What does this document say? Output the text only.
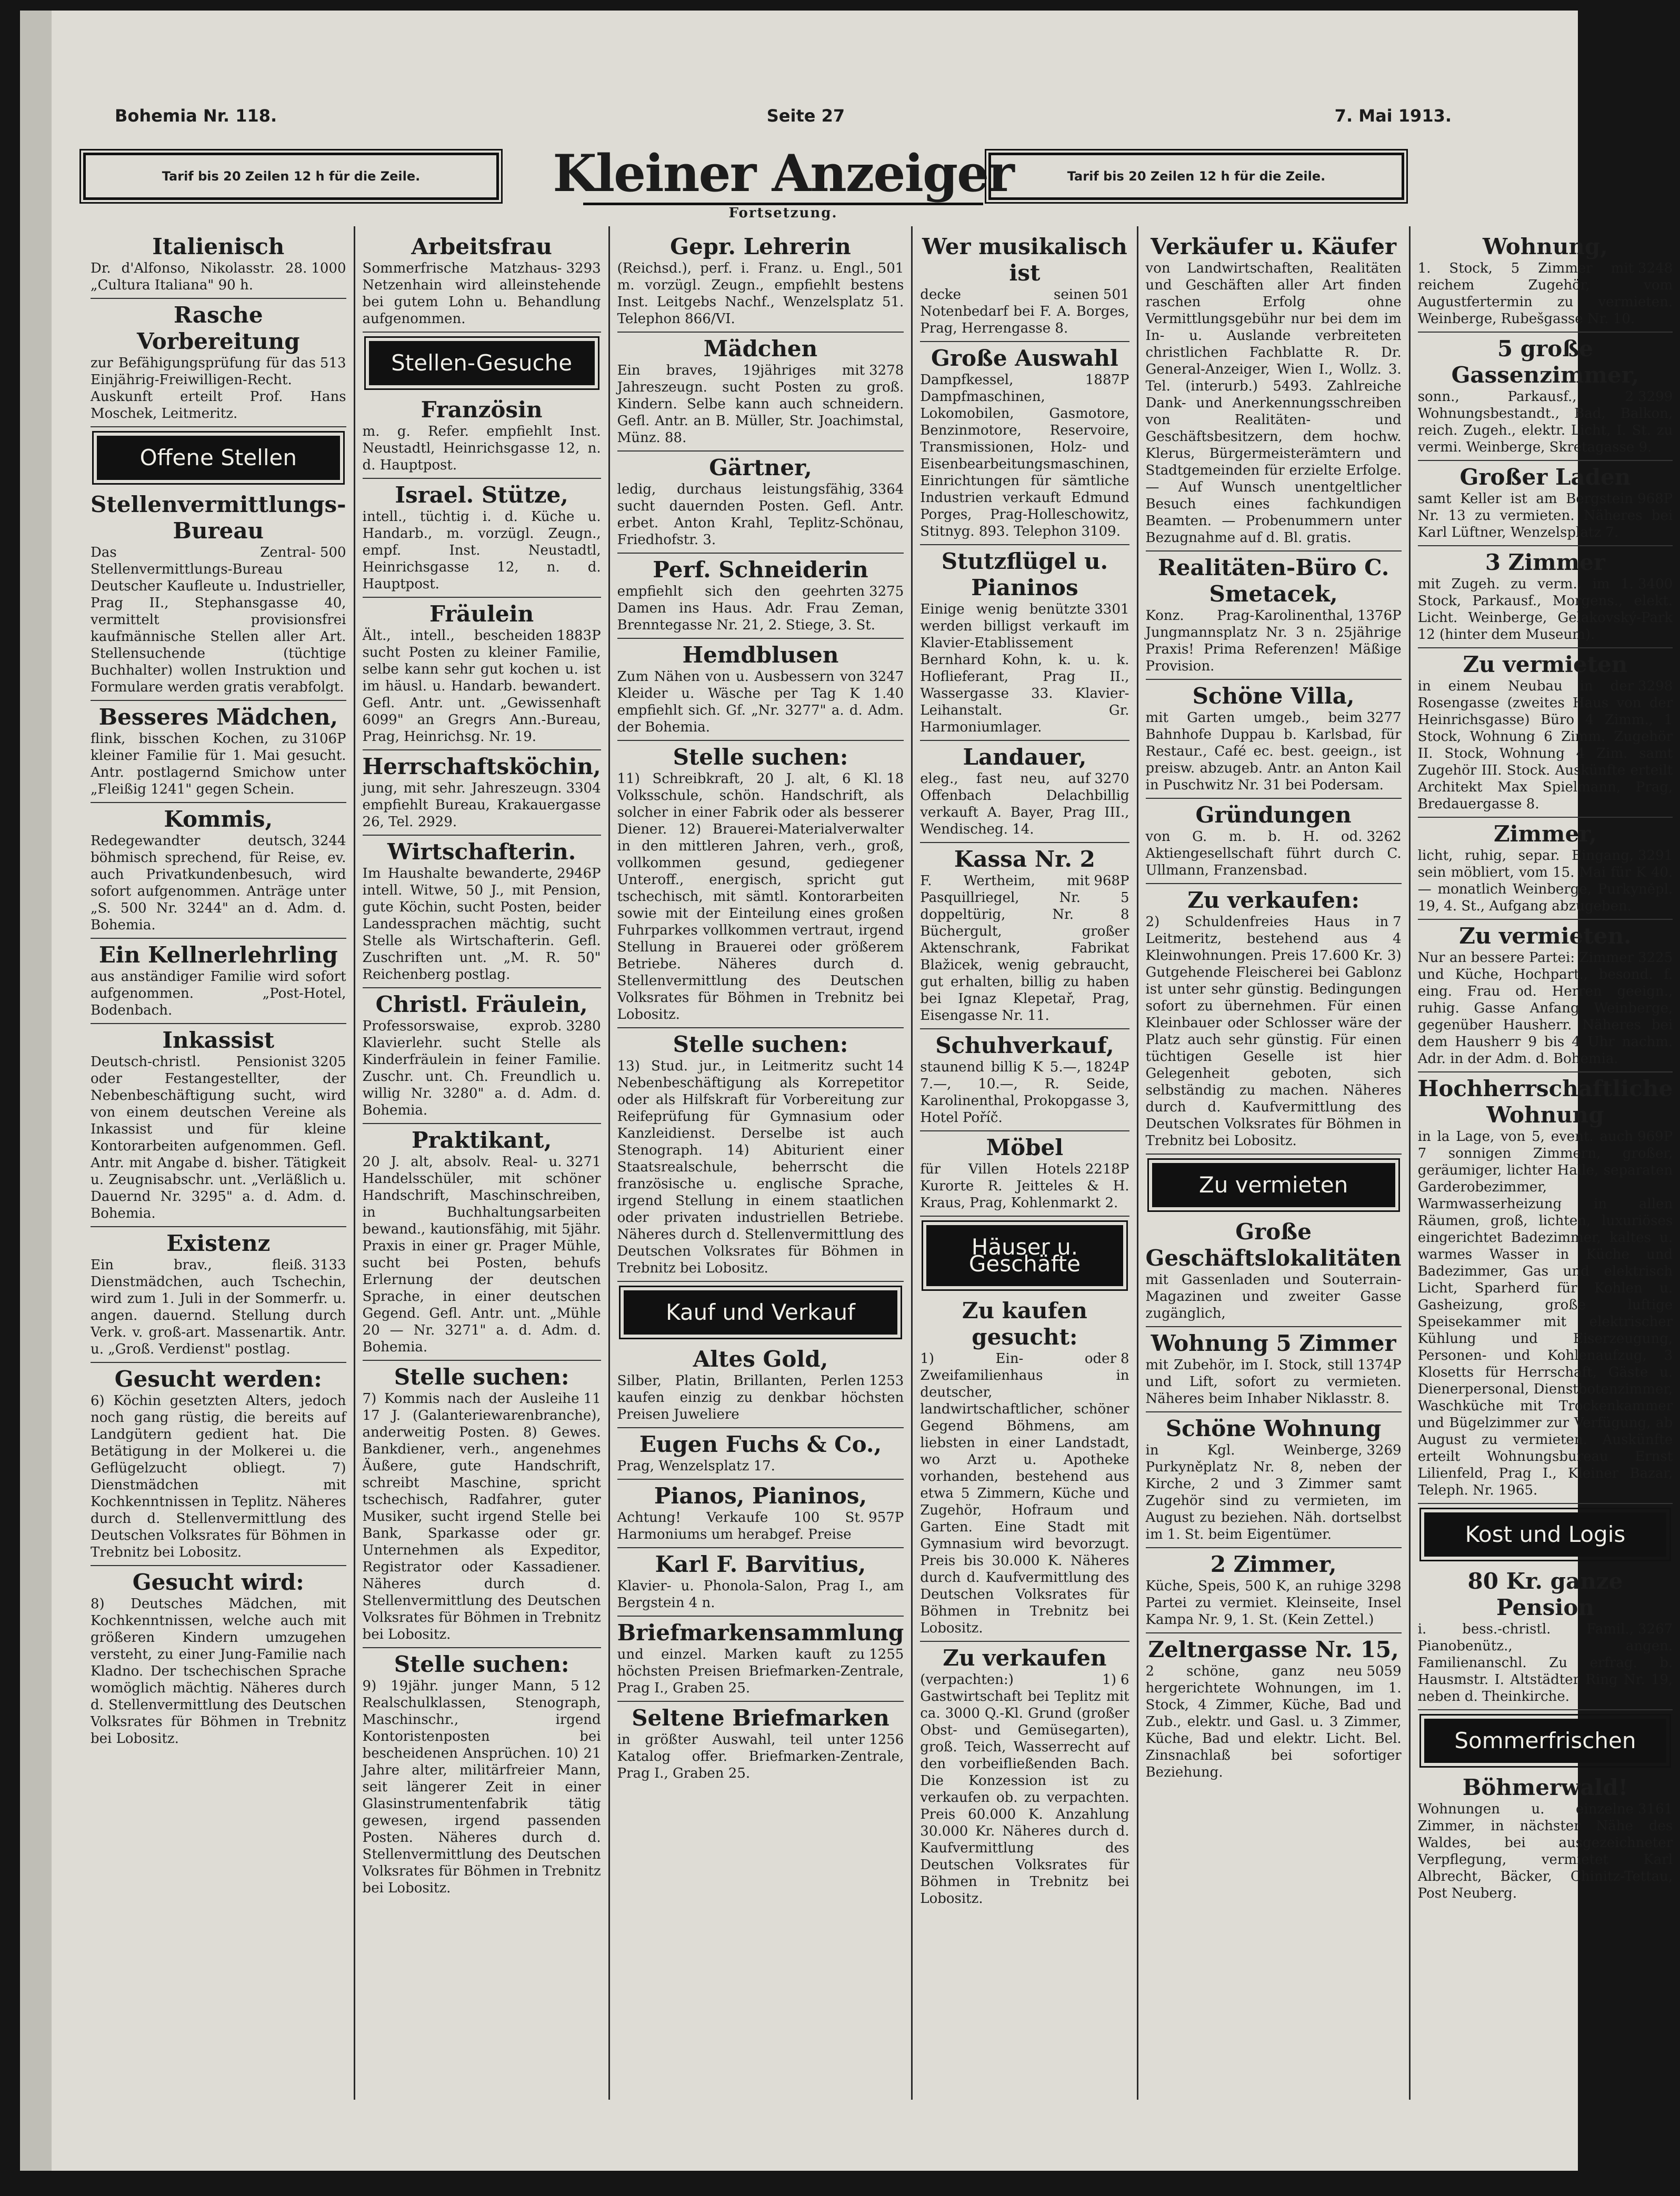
Bohemia Nr. 118.	Seite 27	7. Mai 1913.
Tarif bis 20 Zeilen 12 h für die Zeile.	Kleiner Anzeiger
Fortsetzung.
Tarif bis 20 Zeilen 12 h für die Zeile.
Italienisch
1000
Dr. d'Alfonso, Nikolasstr. 28. „Cultura Italiana" 90 h.
Rasche Vorbereitung
513
zur Befähigungsprüfung für das Einjährig-Freiwilligen-Recht. Auskunft erteilt Prof. Hans Moschek, Leitmeritz.
Offene Stellen
Stellenvermittlungs-Bureau
500
Das Zentral-Stellenvermittlungs-Bureau Deutscher Kaufleute u. Industrieller, Prag II., Stephansgasse 40, vermittelt provisionsfrei kaufmännische Stellen aller Art. Stellensuchende (tüchtige Buchhalter) wollen Instruktion und Formulare werden gratis verabfolgt.
Besseres Mädchen,
3106P
flink, bisschen Kochen, zu kleiner Familie für 1. Mai gesucht. Antr. postlagernd Smichow unter „Fleißig 1241" gegen Schein.
Kommis,
3244
Redegewandter deutsch, böhmisch sprechend, für Reise, ev. auch Privatkundenbesuch, wird sofort aufgenommen. Anträge unter „S. 500 Nr. 3244" an d. Adm. d. Bohemia.
Ein Kellnerlehrling
aus anständiger Familie wird sofort aufgenommen. „Post-Hotel, Bodenbach.
Inkassist
3205
Deutsch-christl. Pensionist oder Festangestellter, der Nebenbeschäftigung sucht, wird von einem deutschen Vereine als Inkassist und für kleine Kontorarbeiten aufgenommen. Gefl. Antr. mit Angabe d. bisher. Tätigkeit u. Zeugnisabschr. unt. „Verläßlich u. Dauernd Nr. 3295" a. d. Adm. d. Bohemia.
Existenz
3133
Ein brav., fleiß. Dienstmädchen, auch Tschechin, wird zum 1. Juli in der Sommerfr. u. angen. dauernd. Stellung durch Verk. v. groß-art. Massenartik. Antr. u. „Groß. Verdienst" postlag.
Gesucht werden:
6) Köchin gesetzten Alters, jedoch noch gang rüstig, die bereits auf Landgütern gedient hat. Die Betätigung in der Molkerei u. die Geflügelzucht obliegt. 7) Dienstmädchen mit Kochkenntnissen in Teplitz. Näheres durch d. Stellenvermittlung des Deutschen Volksrates für Böhmen in Trebnitz bei Lobositz.
Gesucht wird:
8) Deutsches Mädchen, mit Kochkenntnissen, welche auch mit größeren Kindern umzugehen versteht, zu einer Jung-Familie nach Kladno. Der tschechischen Sprache womöglich mächtig. Näheres durch d. Stellenvermittlung des Deutschen Volksrates für Böhmen in Trebnitz bei Lobositz.
Arbeitsfrau
3293
Sommerfrische Matzhaus-Netzenhain wird alleinstehende bei gutem Lohn u. Behandlung aufgenommen.
Stellen-Gesuche
Französin
m. g. Refer. empfiehlt Inst. Neustadtl, Heinrichsgasse 12, n. d. Hauptpost.
Israel. Stütze,
intell., tüchtig i. d. Küche u. Handarb., m. vorzügl. Zeugn., empf. Inst. Neustadtl, Heinrichsgasse 12, n. d. Hauptpost.
Fräulein
1883P
Ält., intell., bescheiden sucht Posten zu kleiner Familie, selbe kann sehr gut kochen u. ist im häusl. u. Handarb. bewandert. Gefl. Antr. unt. „Gewissenhaft 6099" an Gregrs Ann.-Bureau, Prag, Heinrichsg. Nr. 19.
Herrschaftsköchin,
3304
jung, mit sehr. Jahreszeugn. empfiehlt Bureau, Krakauergasse 26, Tel. 2929.
Wirtschafterin.
2946P
Im Haushalte bewanderte, intell. Witwe, 50 J., mit Pension, gute Köchin, sucht Posten, beider Landessprachen mächtig, sucht Stelle als Wirtschafterin. Gefl. Zuschriften unt. „M. R. 50" Reichenberg postlag.
Christl. Fräulein,
3280
Professorswaise, exprob. Klavierlehr. sucht Stelle als Kinderfräulein in feiner Familie. Zuschr. unt. Ch. Freundlich u. willig Nr. 3280" a. d. Adm. d. Bohemia.
Praktikant,
3271
20 J. alt, absolv. Real- u. Handelsschüler, mit schöner Handschrift, Maschinschreiben, in Buchhaltungsarbeiten bewand., kautionsfähig, mit 5jähr. Praxis in einer gr. Prager Mühle, sucht bei Posten, behufs Erlernung der deutschen Sprache, in einer deutschen Gegend. Gefl. Antr. unt. „Mühle 20 — Nr. 3271" a. d. Adm. d. Bohemia.
Stelle suchen:
11
7) Kommis nach der Ausleihe 17 J. (Galanteriewarenbranche), anderweitig Posten. 8) Gewes. Bankdiener, verh., angenehmes Äußere, gute Handschrift, schreibt Maschine, spricht tschechisch, Radfahrer, guter Musiker, sucht irgend Stelle bei Bank, Sparkasse oder gr. Unternehmen als Expeditor, Registrator oder Kassadiener. Näheres durch d. Stellenvermittlung des Deutschen Volksrates für Böhmen in Trebnitz bei Lobositz.
Stelle suchen:
12
9) 19jähr. junger Mann, 5 Realschulklassen, Stenograph, Maschinschr., irgend Kontoristenposten bei bescheidenen Ansprüchen. 10) 21 Jahre alter, militärfreier Mann, seit längerer Zeit in einer Glasinstrumentenfabrik tätig gewesen, irgend passenden Posten. Näheres durch d. Stellenvermittlung des Deutschen Volksrates für Böhmen in Trebnitz bei Lobositz.
Gepr. Lehrerin
501
(Reichsd.), perf. i. Franz. u. Engl., m. vorzügl. Zeugn., empfiehlt bestens Inst. Leitgebs Nachf., Wenzelsplatz 51. Telephon 866/VI.
Mädchen
3278
Ein braves, 19jähriges mit Jahreszeugn. sucht Posten zu groß. Kindern. Selbe kann auch schneidern. Gefl. Antr. an B. Müller, Str. Joachimstal, Münz. 88.
Gärtner,
3364
ledig, durchaus leistungsfähig, sucht dauernden Posten. Gefl. Antr. erbet. Anton Krahl, Teplitz-Schönau, Friedhofstr. 3.
Perf. Schneiderin
3275
empfiehlt sich den geehrten Damen ins Haus. Adr. Frau Zeman, Brenntegasse Nr. 21, 2. Stiege, 3. St.
Hemdblusen
3247
Zum Nähen von u. Ausbessern von Kleider u. Wäsche per Tag K 1.40 empfiehlt sich. Gf. „Nr. 3277" a. d. Adm. der Bohemia.
Stelle suchen:
18
11) Schreibkraft, 20 J. alt, 6 Kl. Volksschule, schön. Handschrift, als solcher in einer Fabrik oder als besserer Diener. 12) Brauerei-Materialverwalter in den mittleren Jahren, verh., groß, vollkommen gesund, gediegener Unteroff., energisch, spricht gut tschechisch, mit sämtl. Kontorarbeiten sowie mit der Einteilung eines großen Fuhrparkes vollkommen vertraut, irgend Stellung in Brauerei oder größerem Betriebe. Näheres durch d. Stellenvermittlung des Deutschen Volksrates für Böhmen in Trebnitz bei Lobositz.
Stelle suchen:
14
13) Stud. jur., in Leitmeritz sucht Nebenbeschäftigung als Korrepetitor oder als Hilfskraft für Vorbereitung zur Reifeprüfung für Gymnasium oder Kanzleidienst. Derselbe ist auch Stenograph. 14) Abiturient einer Staatsrealschule, beherrscht die französische u. englische Sprache, irgend Stellung in einem staatlichen oder privaten industriellen Betriebe. Näheres durch d. Stellenvermittlung des Deutschen Volksrates für Böhmen in Trebnitz bei Lobositz.
Kauf und Verkauf
Altes Gold,
1253
Silber, Platin, Brillanten, Perlen kaufen einzig zu denkbar höchsten Preisen Juweliere
Eugen Fuchs & Co.,
Prag, Wenzelsplatz 17.
Pianos, Pianinos,
957P
Achtung! Verkaufe 100 St. Harmoniums um herabgef. Preise
Karl F. Barvitius,
Klavier- u. Phonola-Salon, Prag I., am Bergstein 4 n.
Briefmarkensammlung
1255
und einzel. Marken kauft zu höchsten Preisen Briefmarken-Zentrale, Prag I., Graben 25.
Seltene Briefmarken
1256
in größter Auswahl, teil unter Katalog offer. Briefmarken-Zentrale, Prag I., Graben 25.
Wer musikalisch ist
501
decke seinen Notenbedarf bei F. A. Borges, Prag, Herrengasse 8.
Große Auswahl
1887P
Dampfkessel, Dampfmaschinen, Lokomobilen, Gasmotore, Benzinmotore, Reservoire, Transmissionen, Holz- und Eisenbearbeitungsmaschinen, Einrichtungen für sämtliche Industrien verkauft Edmund Porges, Prag-Holleschowitz, Stitnyg. 893. Telephon 3109.
Stutzflügel u. Pianinos
3301
Einige wenig benützte werden billigst verkauft im Klavier-Etablissement Bernhard Kohn, k. u. k. Hoflieferant, Prag II., Wassergasse 33. Klavier-Leihanstalt. Gr. Harmoniumlager.
Landauer,
3270
eleg., fast neu, auf Offenbach Delachbillig verkauft A. Bayer, Prag III., Wendischeg. 14.
Kassa Nr. 2
968P
F. Wertheim, mit Pasquillriegel, Nr. 5 doppeltürig, Nr. 8 Büchergult, großer Aktenschrank, Fabrikat Blažicek, wenig gebraucht, gut erhalten, billig zu haben bei Ignaz Klepetař, Prag, Eisengasse Nr. 11.
Schuhverkauf,
1824P
staunend billig K 5.—, 7.—, 10.—, R. Seide, Karolinenthal, Prokopgasse 3, Hotel Poříč.
Möbel
2218P
für Villen Hotels Kurorte R. Jeitteles & H. Kraus, Prag, Kohlenmarkt 2.
Häuser u. Geschäfte
Zu kaufen gesucht:
8
1) Ein- oder Zweifamilienhaus in deutscher, landwirtschaftlicher, schöner Gegend Böhmens, am liebsten in einer Landstadt, wo Arzt u. Apotheke vorhanden, bestehend aus etwa 5 Zimmern, Küche und Zugehör, Hofraum und Garten. Eine Stadt mit Gymnasium wird bevorzugt. Preis bis 30.000 K. Näheres durch d. Kaufvermittlung des Deutschen Volksrates für Böhmen in Trebnitz bei Lobositz.
Zu verkaufen
6
(verpachten:) 1) Gastwirtschaft bei Teplitz mit ca. 3000 Q.-Kl. Grund (großer Obst- und Gemüsegarten), groß. Teich, Wasserrecht auf den vorbeifließenden Bach. Die Konzession ist zu verkaufen ob. zu verpachten. Preis 60.000 K. Anzahlung 30.000 Kr. Näheres durch d. Kaufvermittlung des Deutschen Volksrates für Böhmen in Trebnitz bei Lobositz.
Verkäufer u. Käufer
von Landwirtschaften, Realitäten und Geschäften aller Art finden raschen Erfolg ohne Vermittlungsgebühr nur bei dem im In- u. Auslande verbreiteten christlichen Fachblatte R. Dr. General-Anzeiger, Wien I., Wollz. 3. Tel. (interurb.) 5493. Zahlreiche Dank- und Anerkennungsschreiben von Realitäten- und Geschäftsbesitzern, dem hochw. Klerus, Bürgermeisterämtern und Stadtgemeinden für erzielte Erfolge. — Auf Wunsch unentgeltlicher Besuch eines fachkundigen Beamten. — Probenummern unter Bezugnahme auf d. Bl. gratis.
Realitäten-Büro C. Smetacek,
1376P
Konz. Prag-Karolinenthal, Jungmannsplatz Nr. 3 n. 25jährige Praxis! Prima Referenzen! Mäßige Provision.
Schöne Villa,
3277
mit Garten umgeb., beim Bahnhofe Duppau b. Karlsbad, für Restaur., Café ec. best. geeign., ist preisw. abzugeb. Antr. an Anton Kail in Puschwitz Nr. 31 bei Podersam.
Gründungen
3262
von G. m. b. H. od. Aktiengesellschaft führt durch C. Ullmann, Franzensbad.
Zu verkaufen:
7
2) Schuldenfreies Haus in Leitmeritz, bestehend aus 4 Kleinwohnungen. Preis 17.600 Kr. 3) Gutgehende Fleischerei bei Gablonz ist unter sehr günstig. Bedingungen sofort zu übernehmen. Für einen Kleinbauer oder Schlosser wäre der Platz auch sehr günstig. Für einen tüchtigen Geselle ist hier Gelegenheit geboten, sich selbständig zu machen. Näheres durch d. Kaufvermittlung des Deutschen Volksrates für Böhmen in Trebnitz bei Lobositz.
Zu vermieten
Große Geschäftslokalitäten
mit Gassenladen und Souterrain-Magazinen und zweiter Gasse zugänglich,
Wohnung 5 Zimmer
1374P
mit Zubehör, im I. Stock, still und Lift, sofort zu vermieten. Näheres beim Inhaber Niklasstr. 8.
Schöne Wohnung
3269
in Kgl. Weinberge, Purkyněplatz Nr. 8, neben der Kirche, 2 und 3 Zimmer samt Zugehör sind zu vermieten, im August zu beziehen. Näh. dortselbst im 1. St. beim Eigentümer.
2 Zimmer,
3298
Küche, Speis, 500 K, an ruhige Partei zu vermiet. Kleinseite, Insel Kampa Nr. 9, 1. St. (Kein Zettel.)
Zeltnergasse Nr. 15,
5059
2 schöne, ganz neu hergerichtete Wohnungen, im 1. Stock, 4 Zimmer, Küche, Bad und Zub., elektr. und Gasl. u. 3 Zimmer, Küche, Bad und elektr. Licht. Bel. Zinsnachlaß bei sofortiger Beziehung.
Wohnung,
3248
1. Stock, 5 Zimmer mit reichem Zugehör, vom Augustfertermin zu vermieten. Weinberge, Rubešgasse Nr. 10.
5 große Gassenzimmer,
3299
sonn., Parkausf., 2 Wohnungsbestandt., Bad, Balkon, reich. Zugeh., elektr. Licht, I. St. zu vermi. Weinberge, Skretagasse 9.
Großer Laden
968P
samt Keller ist am Bergstein Nr. 13 zu vermieten. Näheres bei Karl Lüftner, Wenzelsplatz 7.
3 Zimmer
3400
mit Zugeh. zu verm., im 1. Stock, Parkausf., Morgens., elekt. Licht. Weinberge, Gelakovský-Park 12 (hinter dem Museum).
Zu vermieten
3298
in einem Neubau in der Rosengasse (zweites Haus von der Heinrichsgasse) Büro 4 Zimm., 1 Stock, Wohnung 6 Zimm. Zugehör II. Stock, Wohnung 4 Zim. samt Zugehör III. Stock. Auskünfte erteilt Architekt Max Spielmann, Prag, Bredauergasse 8.
Zimmer,
3291
licht, ruhig, separ. Eingang, sein möbliert, vom 15. Mai für K 40.— monatlich Weinberge, Purkyněpl. 19, 4. St., Aufgang abzugeben.
Zu vermieten.
3225
Nur an bessere Partei: Zimmer und Küche, Hochpart., besond. f. eing. Frau od. Herren geeign., ruhig. Gasse Anfang Weinberge, gegenüber Hausherr. Näheres bei dem Hausherr 9 bis 4 Uhr nachm. Adr. in der Adm. d. Bohemia.
Hochherrschaftliche Wohnung
969P
in la Lage, von 5, event. auch 7 sonnigen Zimmern, großer, geräumiger, lichter Halle, separaten Garderobezimmer, Warmwasserheizung in allen Räumen, groß, lichten, luxuriöses eingerichtet Badezimmer, kaltes u. warmes Wasser in Küche und Badezimmer, Gas und elektrisch Licht, Sparherd für Kohlen u. Gasheizung, große luftige Speisekammer mit elektrischer Kühlung und Eiserzeugung, Personen- und Kohlenaufzug, 3 Klosetts für Herrschaft, Gäste u. Dienerpersonal, Dienstbotenzimmer, Waschküche mit Trockenkammer und Bügelzimmer zur Verfügung, ab August zu vermieten. Auskünfte erteilt Wohnungsbureau Ernst Lilienfeld, Prag I., Kleiner Bazar, Teleph. Nr. 1965.
Kost und Logis
80 Kr. ganze Pension
3267
i. bess.-christl. Famil., Pianobenütz., angen. Familienanschl. Zu erfrag. b. Hausmstr. I. Altstädter Ring Nr. 19, neben d. Theinkirche.
Sommerfrischen
Böhmerwald!
3161
Wohnungen u. einzelne Zimmer, in nächster Nähe des Waldes, bei ausgezeichneter Verpflegung, vermietet Karl Albrecht, Bäcker, Chinitz-Tettau, Post Neuberg.
